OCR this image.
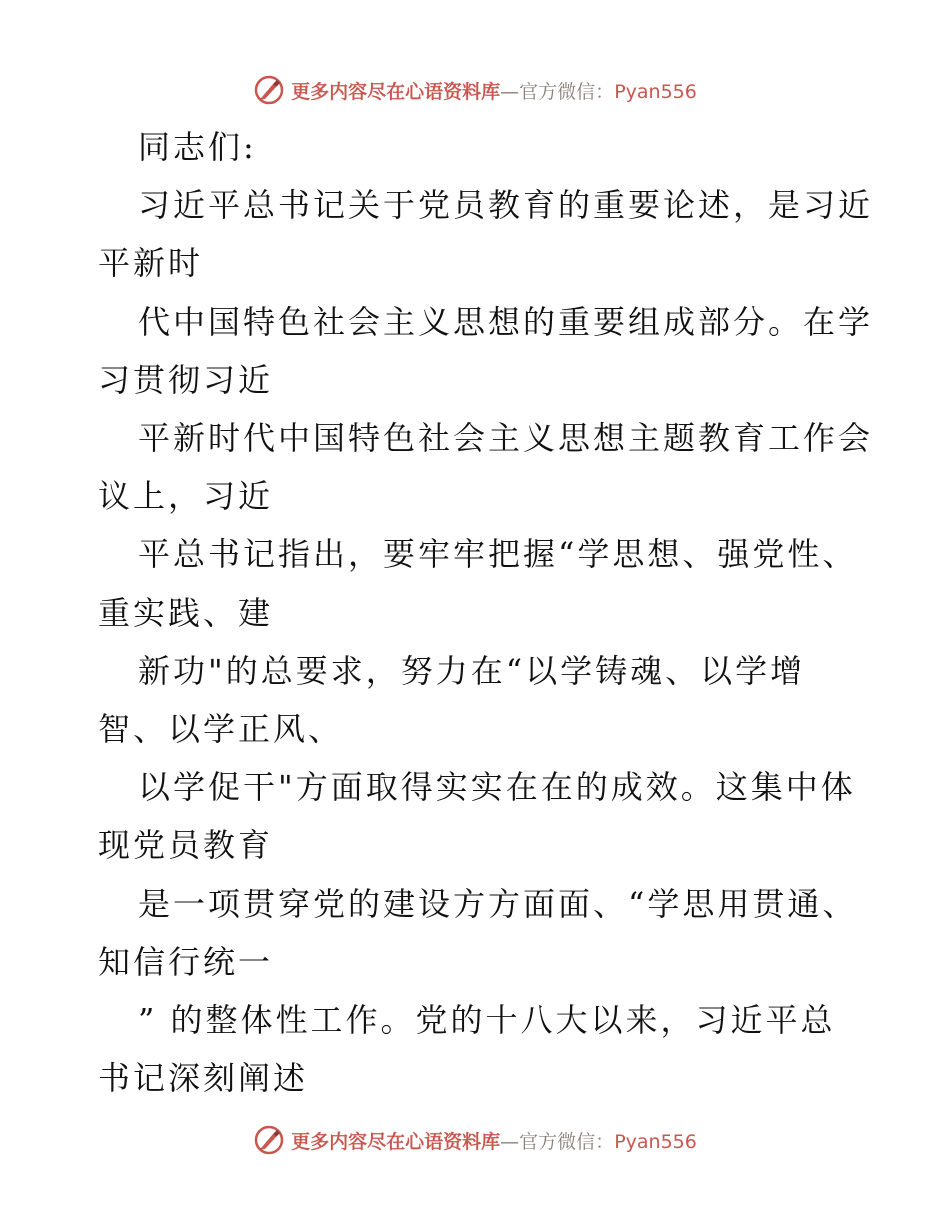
更多内容尽在心语资料库—官方微信：Pyan556
同志们:
习近平总书记关于党员教育的重要论述，是习近
平新时
代中国特色社会主义思想的重要组成部分。在学
习贯彻习近
平新时代中国特色社会主义思想主题教育工作会
议上，习近
平总书记指出，要牢牢把握“学思想、强党性、
重实践、建
新功"的总要求，努力在“以学铸魂、以学增
智、以学正风、
以学促干"方面取得实实在在的成效。这集中体
现党员教育
是一项贯穿党的建设方方面面、“学思用贯通、
知信行统一
” 的整体性工作。党的十八大以来，习近平总
书记深刻阐述
更多内容尽在心语资料库—官方微信：Pyan556
